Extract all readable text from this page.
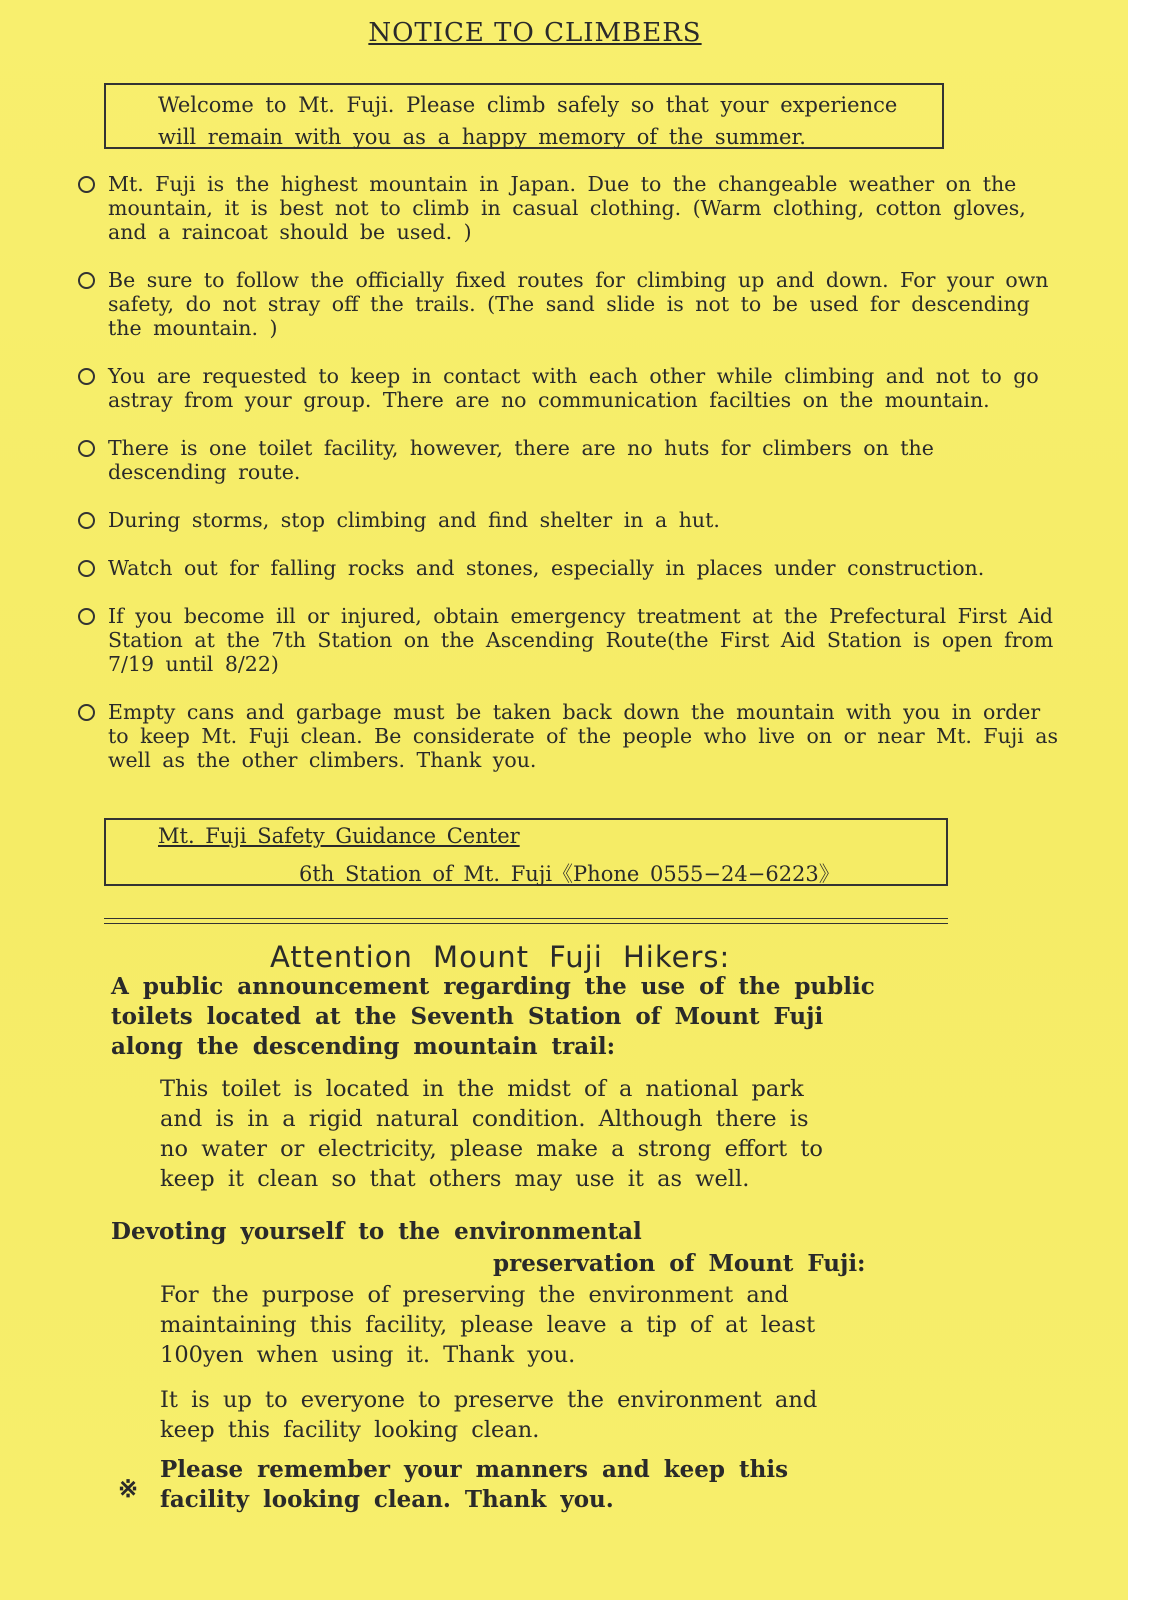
NOTICE TO CLIMBERS
Welcome to Mt. Fuji. Please climb safely so that your experience will remain with you as a happy memory of the summer.
Mt. Fuji is the highest mountain in Japan. Due to the changeable weather on the mountain, it is best not to climb in casual clothing. (Warm clothing, cotton gloves, and a raincoat should be used. )
Be sure to follow the officially fixed routes for climbing up and down. For your own safety, do not stray off the trails. (The sand slide is not to be used for descending the mountain. )
You are requested to keep in contact with each other while climbing and not to go astray from your group. There are no communication facilties on the mountain.
There is one toilet facility, however, there are no huts for climbers on the descending route.
During storms, stop climbing and find shelter in a hut.
Watch out for falling rocks and stones, especially in places under construction.
If you become ill or injured, obtain emergency treatment at the Prefectural First Aid Station at the 7th Station on the Ascending Route(the First Aid Station is open from 7/19 until 8/22)
Empty cans and garbage must be taken back down the mountain with you in order to keep Mt. Fuji clean. Be considerate of the people who live on or near Mt. Fuji as well as the other climbers. Thank you.
Mt. Fuji Safety Guidance Center
6th Station of Mt. Fuji《Phone 0555−24−6223》
Attention Mount Fuji Hikers:
A public announcement regarding the use of the public
toilets located at the Seventh Station of Mount Fuji
along the descending mountain trail:
This toilet is located in the midst of a national park
and is in a rigid natural condition. Although there is
no water or electricity, please make a strong effort to
keep it clean so that others may use it as well.
Devoting yourself to the environmental
preservation of Mount Fuji:
For the purpose of preserving the environment and
maintaining this facility, please leave a tip of at least
100yen when using it. Thank you.
It is up to everyone to preserve the environment and
keep this facility looking clean.
※
Please remember your manners and keep this
facility looking clean. Thank you.
